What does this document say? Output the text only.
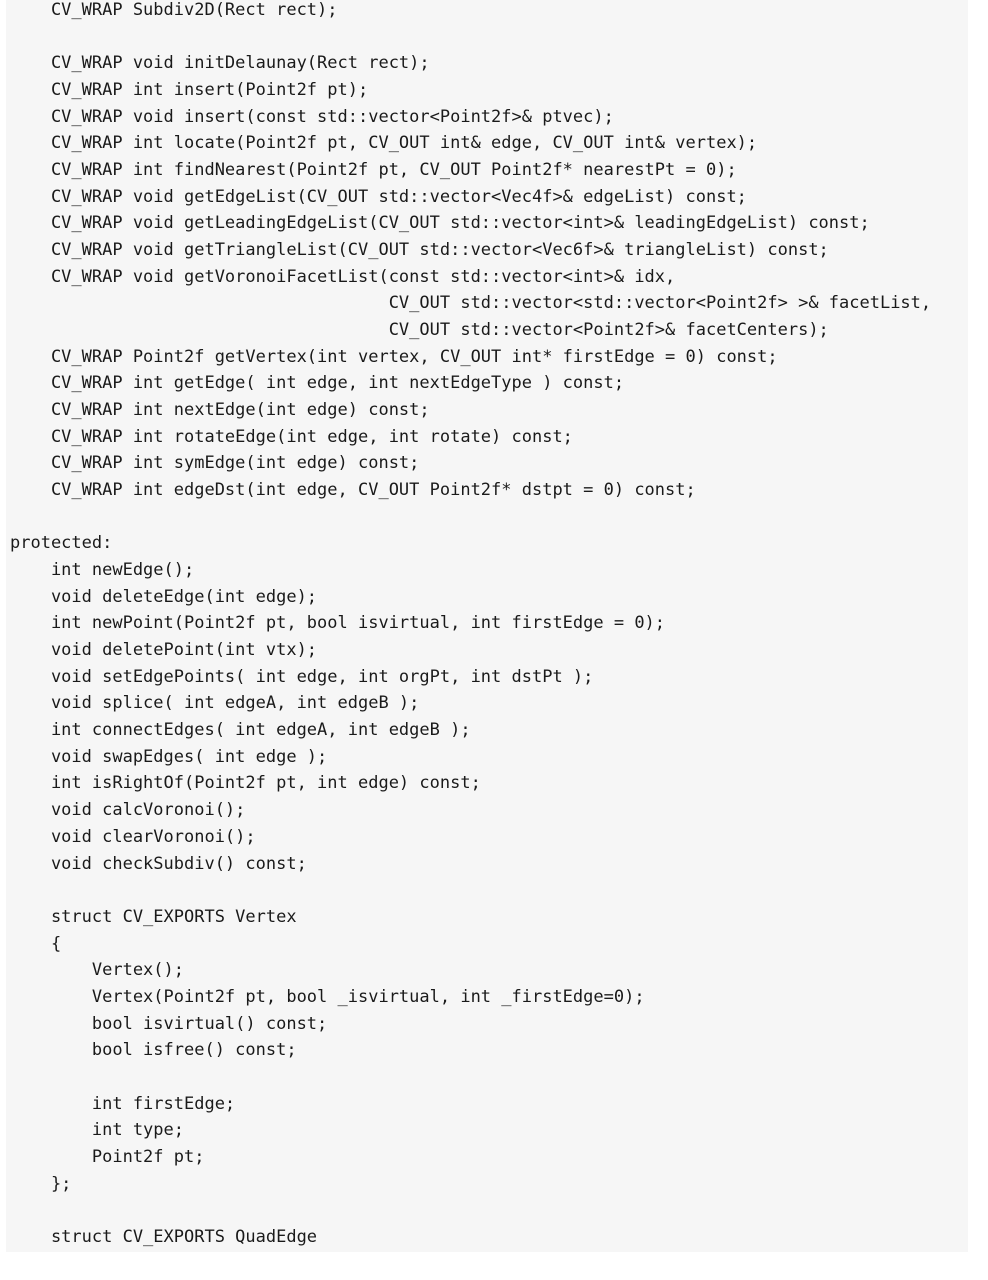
CV_WRAP Subdiv2D(Rect rect);
CV_WRAP void initDelaunay(Rect rect);
CV_WRAP int insert(Point2f pt);
CV_WRAP void insert(const std::vector<Point2f>& ptvec);
CV_WRAP int locate(Point2f pt, CV_OUT int& edge, CV_OUT int& vertex);
CV_WRAP int findNearest(Point2f pt, CV_OUT Point2f* nearestPt = 0);
CV_WRAP void getEdgeList(CV_OUT std::vector<Vec4f>& edgeList) const;
CV_WRAP void getLeadingEdgeList(CV_OUT std::vector<int>& leadingEdgeList) const;
CV_WRAP void getTriangleList(CV_OUT std::vector<Vec6f>& triangleList) const;
CV_WRAP void getVoronoiFacetList(const std::vector<int>& idx,
CV_OUT std::vector<std::vector<Point2f> >& facetList,
CV_OUT std::vector<Point2f>& facetCenters);
CV_WRAP Point2f getVertex(int vertex, CV_OUT int* firstEdge = 0) const;
CV_WRAP int getEdge( int edge, int nextEdgeType ) const;
CV_WRAP int nextEdge(int edge) const;
CV_WRAP int rotateEdge(int edge, int rotate) const;
CV_WRAP int symEdge(int edge) const;
CV_WRAP int edgeDst(int edge, CV_OUT Point2f* dstpt = 0) const;
protected:
int newEdge();
void deleteEdge(int edge);
int newPoint(Point2f pt, bool isvirtual, int firstEdge = 0);
void deletePoint(int vtx);
void setEdgePoints( int edge, int orgPt, int dstPt );
void splice( int edgeA, int edgeB );
int connectEdges( int edgeA, int edgeB );
void swapEdges( int edge );
int isRightOf(Point2f pt, int edge) const;
void calcVoronoi();
void clearVoronoi();
void checkSubdiv() const;
struct CV_EXPORTS Vertex
{
Vertex();
Vertex(Point2f pt, bool _isvirtual, int _firstEdge=0);
bool isvirtual() const;
bool isfree() const;
int firstEdge;
int type;
Point2f pt;
};
struct CV_EXPORTS QuadEdge
